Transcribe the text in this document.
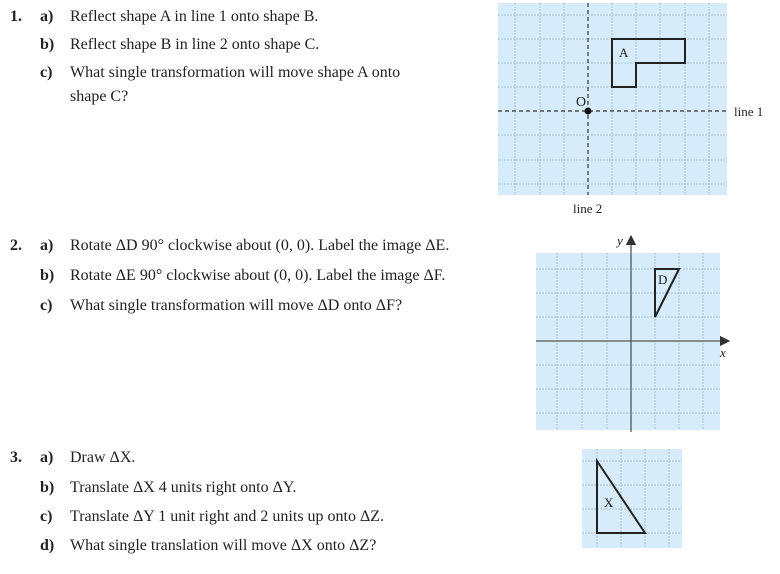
1. a) Reflect shape A in line 1 onto shape B.
b) Reflect shape B in line 2 onto shape C.
c) What single transformation will move shape A onto
shape C?
2. a) Rotate ΔD 90° clockwise about (0, 0). Label the image ΔE.
b) Rotate ΔE 90° clockwise about (0, 0). Label the image ΔF.
c) What single transformation will move ΔD onto ΔF?
3. a) Draw ΔX.
b) Translate ΔX 4 units right onto ΔY.
c) Translate ΔY 1 unit right and 2 units up onto ΔZ.
d) What single translation will move ΔX onto ΔZ?
A
O
line 1
line 2
x
y
D
X
